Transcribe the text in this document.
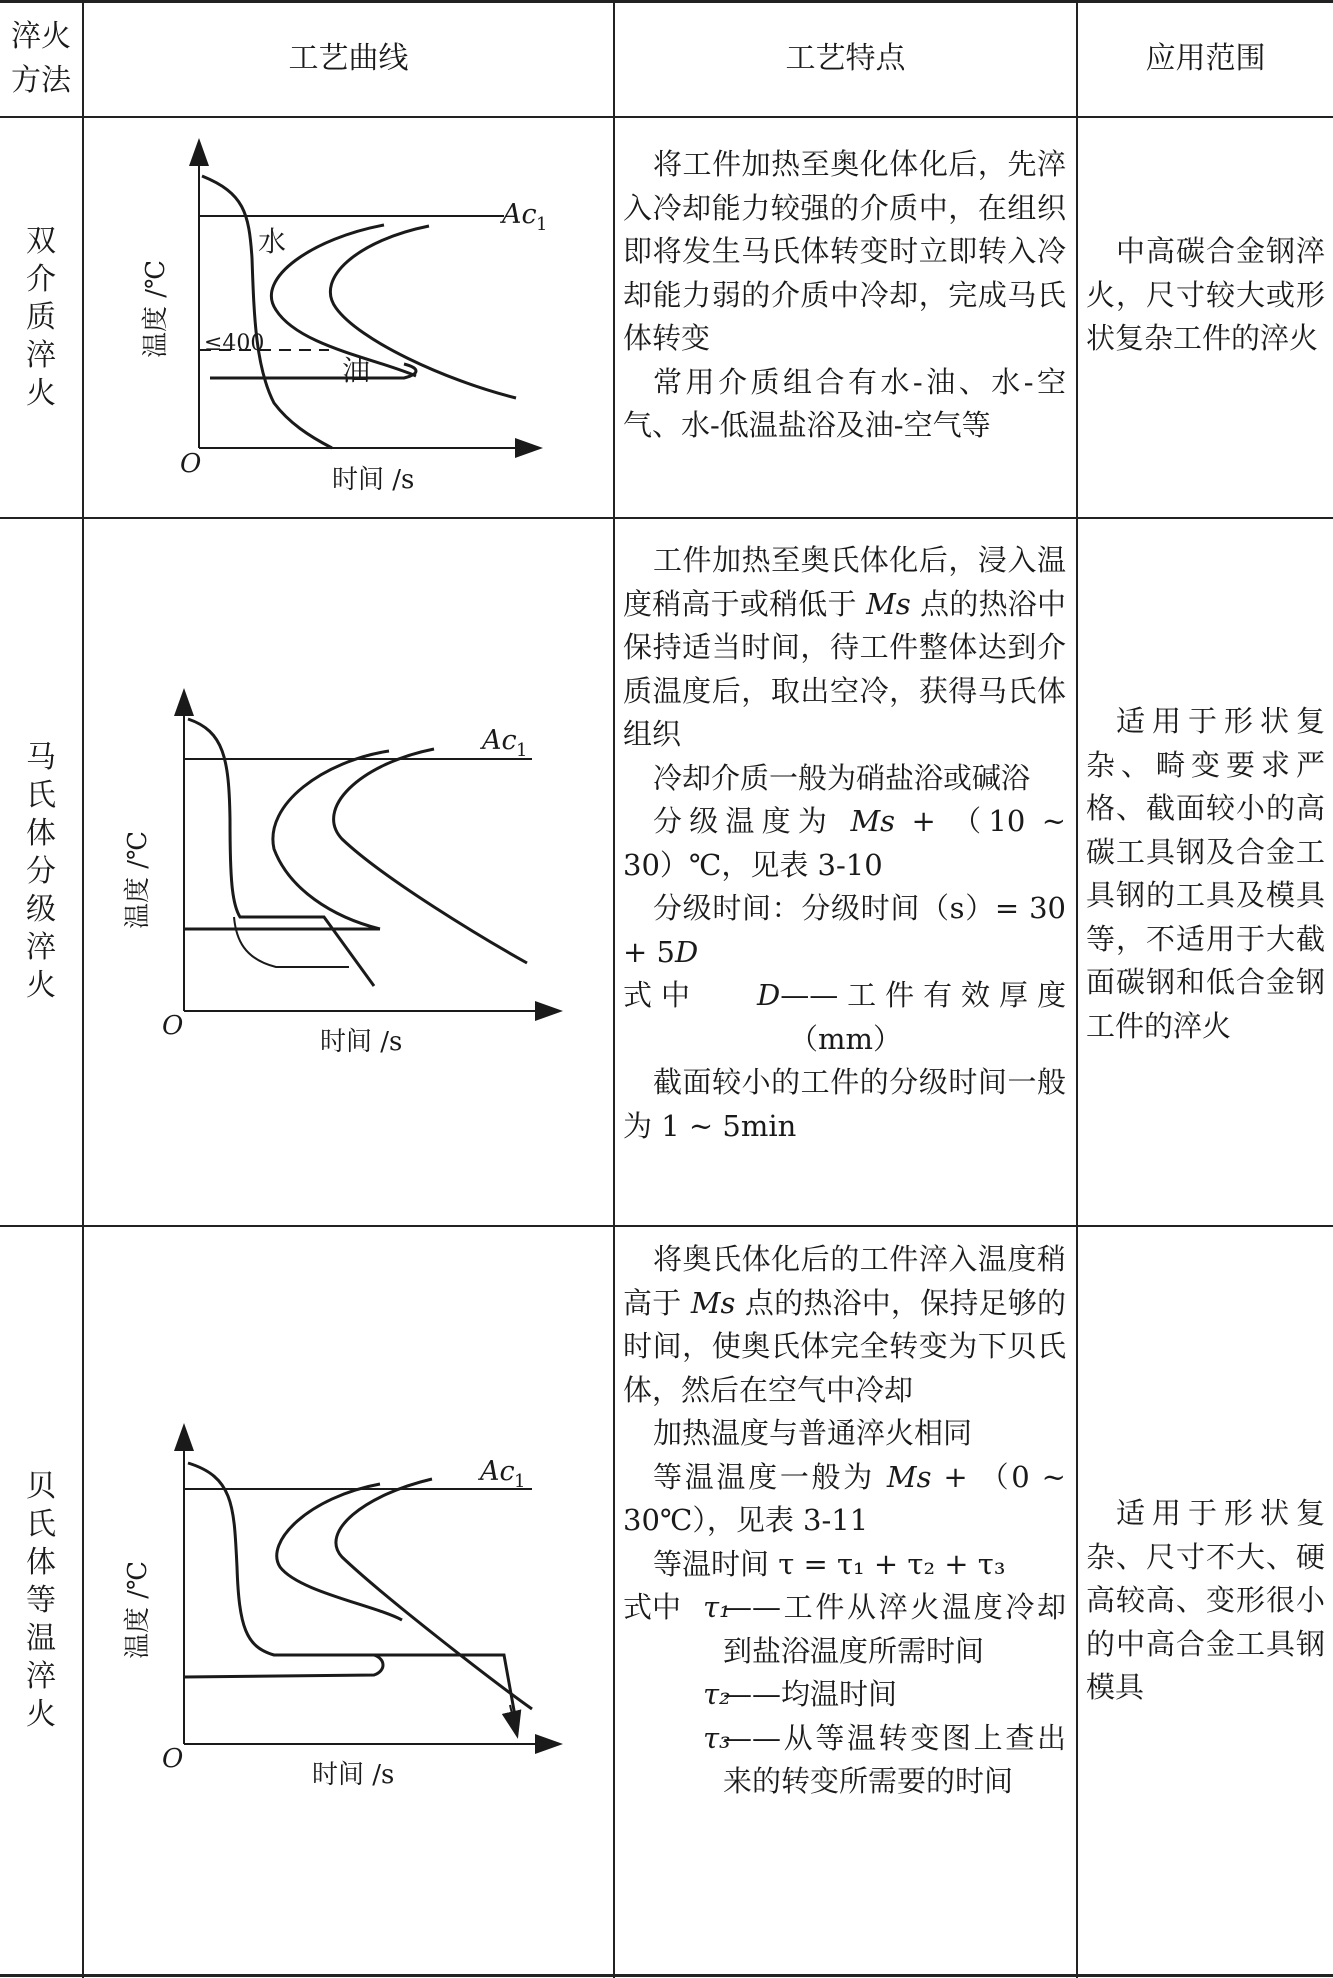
淬火方法
工艺曲线	工艺特点	应用范围
双介质淬火
水
油
≤400
Ac 1
O
时间 /s
温度 /℃

将工件加热至奥化体化后，先淬入冷却能力较强的介质中，在组织即将发生马氏体转变时立即转入冷却能力弱的介质中冷却，完成马氏体转变

常用介质组合有水-油、水-空气、水-低温盐浴及油-空气等

中高碳合金钢淬火，尺寸较大或形状复杂工件的淬火

马氏体分级淬火
Ac 1
O
时间 /s
温度 /℃

工件加热至奥氏体化后，浸入温度稍高于或稍低于 Ms 点的热浴中保持适当时间，待工件整体达到介质温度后，取出空冷，获得马氏体组织

冷却介质一般为硝盐浴或碱浴

分级温度为 Ms + （10 ~ 30）℃，见表 3-10

分级时间：分级时间（s）= 30 + 5D

式中   D——工件有效厚度

（mm）

截面较小的工件的分级时间一般为 1 ~ 5min

适用于形状复杂、畸变要求严格、截面较小的高碳工具钢及合金工具钢的工具及模具等，不适用于大截面碳钢和低合金钢工件的淬火

贝氏体等温淬火
Ac 1
O
时间 /s
温度 /℃

将奥氏体化后的工件淬入温度稍高于 Ms 点的热浴中，保持足够的时间，使奥氏体完全转变为下贝氏体，然后在空气中冷却

加热温度与普通淬火相同

等温温度一般为 Ms + （0 ~ 30℃），见表 3-11

等温时间 τ = τ₁ + τ₂ + τ₃

式中 τ₁
——工件从淬火温度冷却到盐浴温度所需时间
τ₂
——均温时间
τ₃
——从等温转变图上查出来的转变所需要的时间

适用于形状复杂、尺寸不大、硬高较高、变形很小的中高合金工具钢模具
